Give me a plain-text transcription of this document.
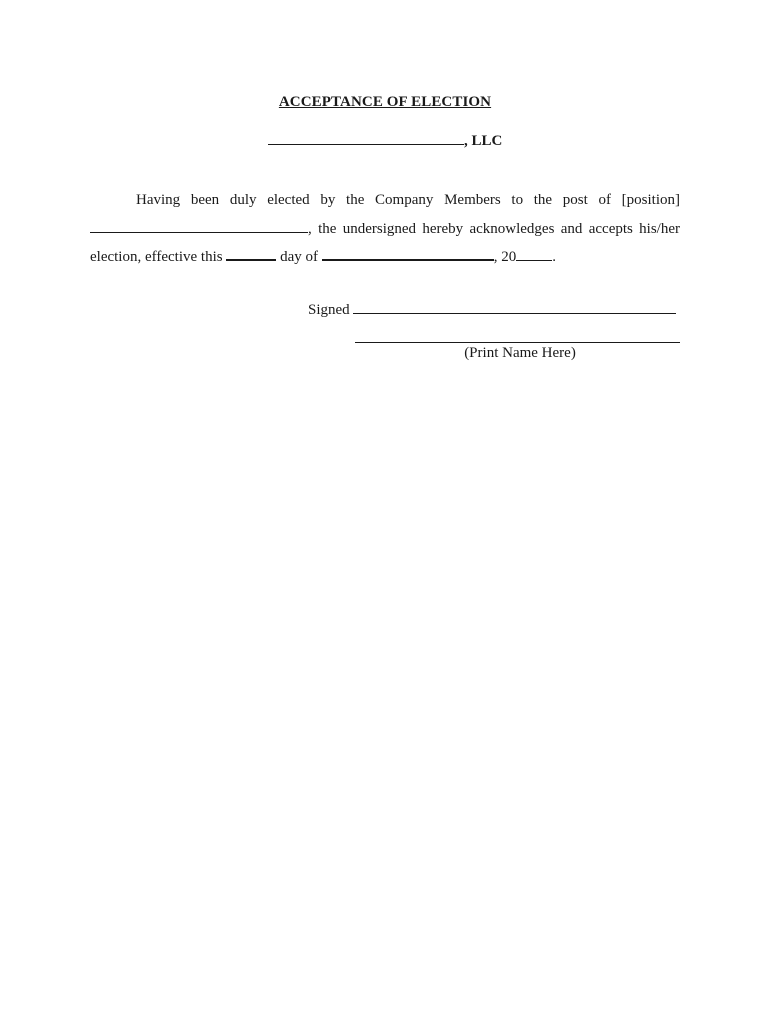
ACCEPTANCE OF ELECTION
, LLC
Having been duly elected by the Company Members to the post of [position]
, the undersigned hereby acknowledges and accepts his/her
election, effective this	day of	, 20 .
Signed
(Print Name Here)
